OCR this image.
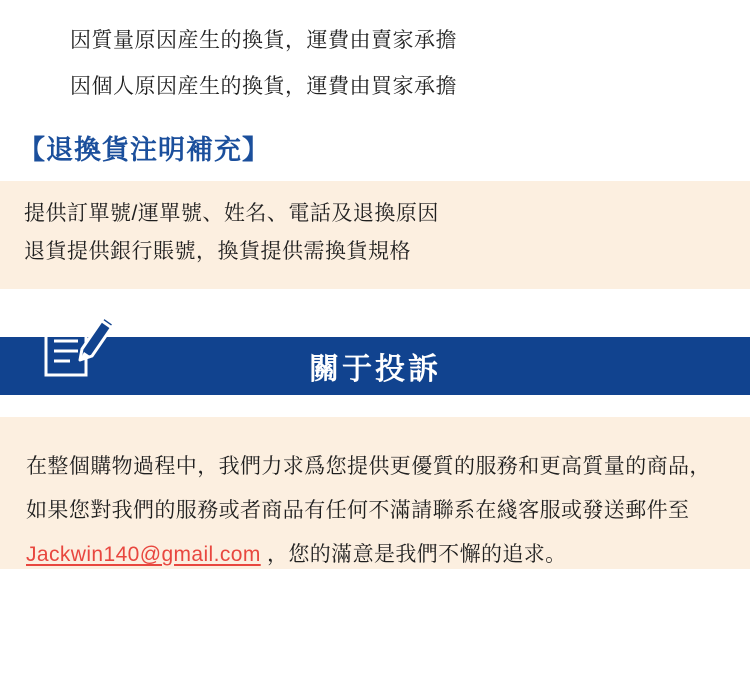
因質量原因産生的換貨，運費由賣家承擔
因個人原因産生的換貨，運費由買家承擔
【退換貨注明補充】
提供訂單號/運單號、姓名、電話及退換原因
退貨提供銀行賬號，換貨提供需換貨規格
關于投訴
在整個購物過程中，我們力求爲您提供更優質的服務和更高質量的商品，如果您對我們的服務或者商品有任何不滿請聯系在綫客服或發送郵件至 Jackwin140@gmail.com ，您的滿意是我們不懈的追求。
